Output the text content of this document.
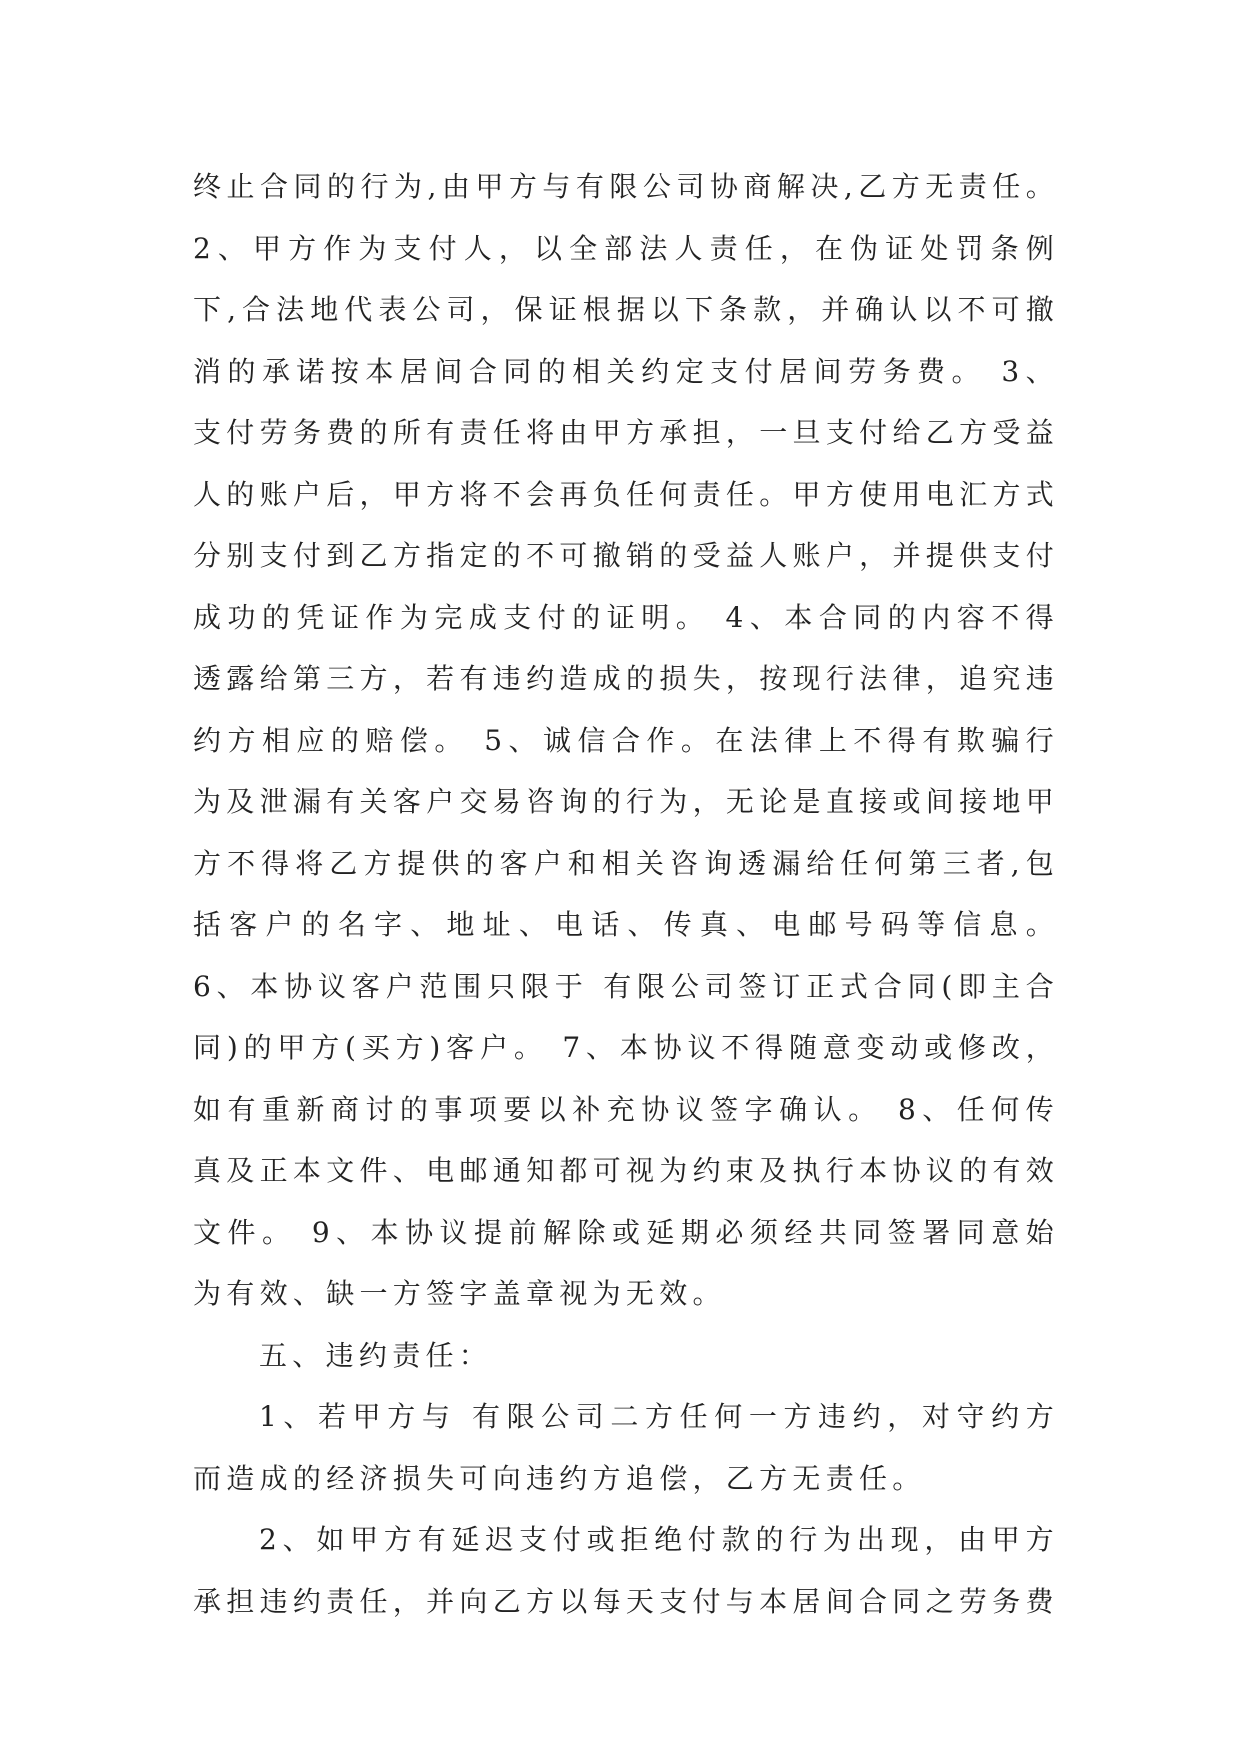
终止合同的行为,由甲方与有限公司协商解决,乙方无责任。2、甲方作为支付人，以全部法人责任，在伪证处罚条例下,合法地代表公司，保证根据以下条款，并确认以不可撤消的承诺按本居间合同的相关约定支付居间劳务费。 3、支付劳务费的所有责任将由甲方承担，一旦支付给乙方受益人的账户后，甲方将不会再负任何责任。甲方使用电汇方式分别支付到乙方指定的不可撤销的受益人账户，并提供支付成功的凭证作为完成支付的证明。 4、本合同的内容不得透露给第三方，若有违约造成的损失，按现行法律，追究违约方相应的赔偿。 5、诚信合作。在法律上不得有欺骗行为及泄漏有关客户交易咨询的行为，无论是直接或间接地甲方不得将乙方提供的客户和相关咨询透漏给任何第三者,包括客户的名字、地址、电话、传真、电邮号码等信息。 6、本协议客户范围只限于 有限公司签订正式合同(即主合同)的甲方(买方)客户。 7、本协议不得随意变动或修改，如有重新商讨的事项要以补充协议签字确认。 8、任何传真及正本文件、电邮通知都可视为约束及执行本协议的有效文件。 9、本协议提前解除或延期必须经共同签署同意始为有效、缺一方签字盖章视为无效。

五、违约责任：

1、若甲方与 有限公司二方任何一方违约，对守约方而造成的经济损失可向违约方追偿，乙方无责任。

2、如甲方有延迟支付或拒绝付款的行为出现，由甲方承担违约责任，并向乙方以每天支付与本居间合同之劳务费
